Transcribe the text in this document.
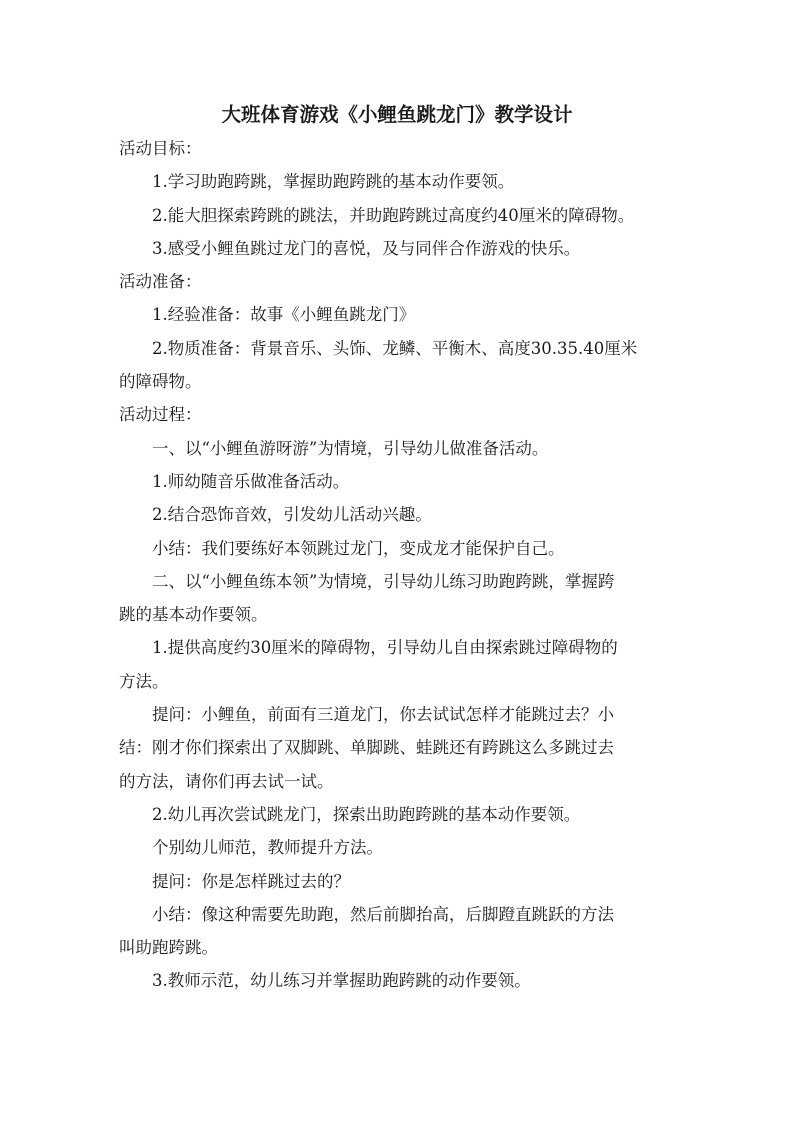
大班体育游戏《小鲤鱼跳龙门》教学设计
活动目标：
1.学习助跑跨跳，掌握助跑跨跳的基本动作要领。
2.能大胆探索跨跳的跳法，并助跑跨跳过高度约40厘米的障碍物。
3.感受小鲤鱼跳过龙门的喜悦，及与同伴合作游戏的快乐。
活动准备：
1.经验准备：故事《小鲤鱼跳龙门》
2.物质准备：背景音乐、头饰、龙鳞、平衡木、高度30.35.40厘米
的障碍物。
活动过程：
一、以“小鲤鱼游呀游”为情境，引导幼儿做准备活动。
1.师幼随音乐做准备活动。
2.结合恐饰音效，引发幼儿活动兴趣。
小结：我们要练好本领跳过龙门，变成龙才能保护自己。
二、以“小鲤鱼练本领”为情境，引导幼儿练习助跑跨跳，掌握跨
跳的基本动作要领。
1.提供高度约30厘米的障碍物，引导幼儿自由探索跳过障碍物的
方法。
提问：小鲤鱼，前面有三道龙门，你去试试怎样才能跳过去？小
结：刚才你们探索出了双脚跳、单脚跳、蛙跳还有跨跳这么多跳过去
的方法，请你们再去试一试。
2.幼儿再次尝试跳龙门，探索出助跑跨跳的基本动作要领。
个别幼儿师范，教师提升方法。
提问：你是怎样跳过去的？
小结：像这种需要先助跑，然后前脚抬高，后脚蹬直跳跃的方法
叫助跑跨跳。
3.教师示范，幼儿练习并掌握助跑跨跳的动作要领。
